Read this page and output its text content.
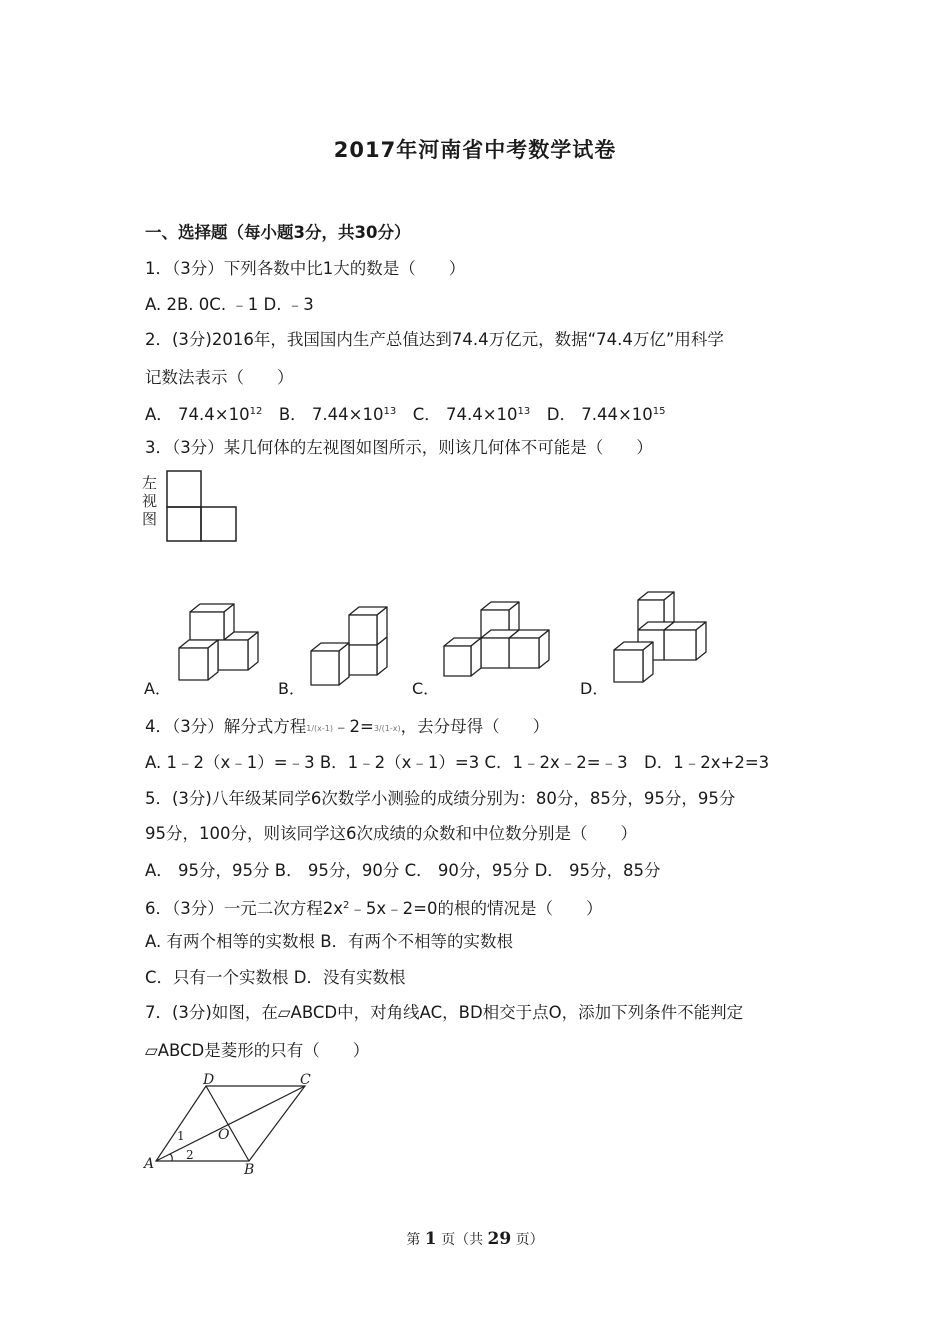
2017年河南省中考数学试卷
一、选择题（每小题3分，共30分）
1．（3分）下列各数中比1大的数是（　　）
A. 2B. 0C. ﹣1 D. ﹣3
2．(3分)2016年，我国国内生产总值达到74.4万亿元，数据“74.4万亿”用科学
记数法表示（　　）
A． $74.4\times 10^{12}$　B． $7.44\times 10^{13}$　C． $74.4\times 10^{13}$　D． $7.44\times 10^{15}$
3．（3分）某几何体的左视图如图所示，则该几何体不可能是（　　）
左
视
图
A．	B．	C．	D．
4．（3分）解分式方程1/(x-1)﹣2=3/(1-x)，去分母得（　　）
A. 1﹣2（x﹣1）=﹣3 B．1﹣2（x﹣1）=3 C．1﹣2x﹣2=﹣3　D．1﹣2x+2=3
5．(3分)八年级某同学6次数学小测验的成绩分别为：80分，85分，95分，95分
95分，100分，则该同学这6次成绩的众数和中位数分别是（　　）
A． 95分，95分 B． 95分，90分 C． 90分，95分 D． 95分，85分
6．（3分）一元二次方程$2x^2﹣5x﹣2=0$的根的情况是（　　）
A. 有两个相等的实数根 B．有两个不相等的实数根
C．只有一个实数根 D．没有实数根
7．(3分)如图，在▱ABCD中，对角线AC，BD相交于点O，添加下列条件不能判定
▱ABCD是菱形的只有（　　）
D	C
A	B
O
1
2
第 1 页（共 29 页）
